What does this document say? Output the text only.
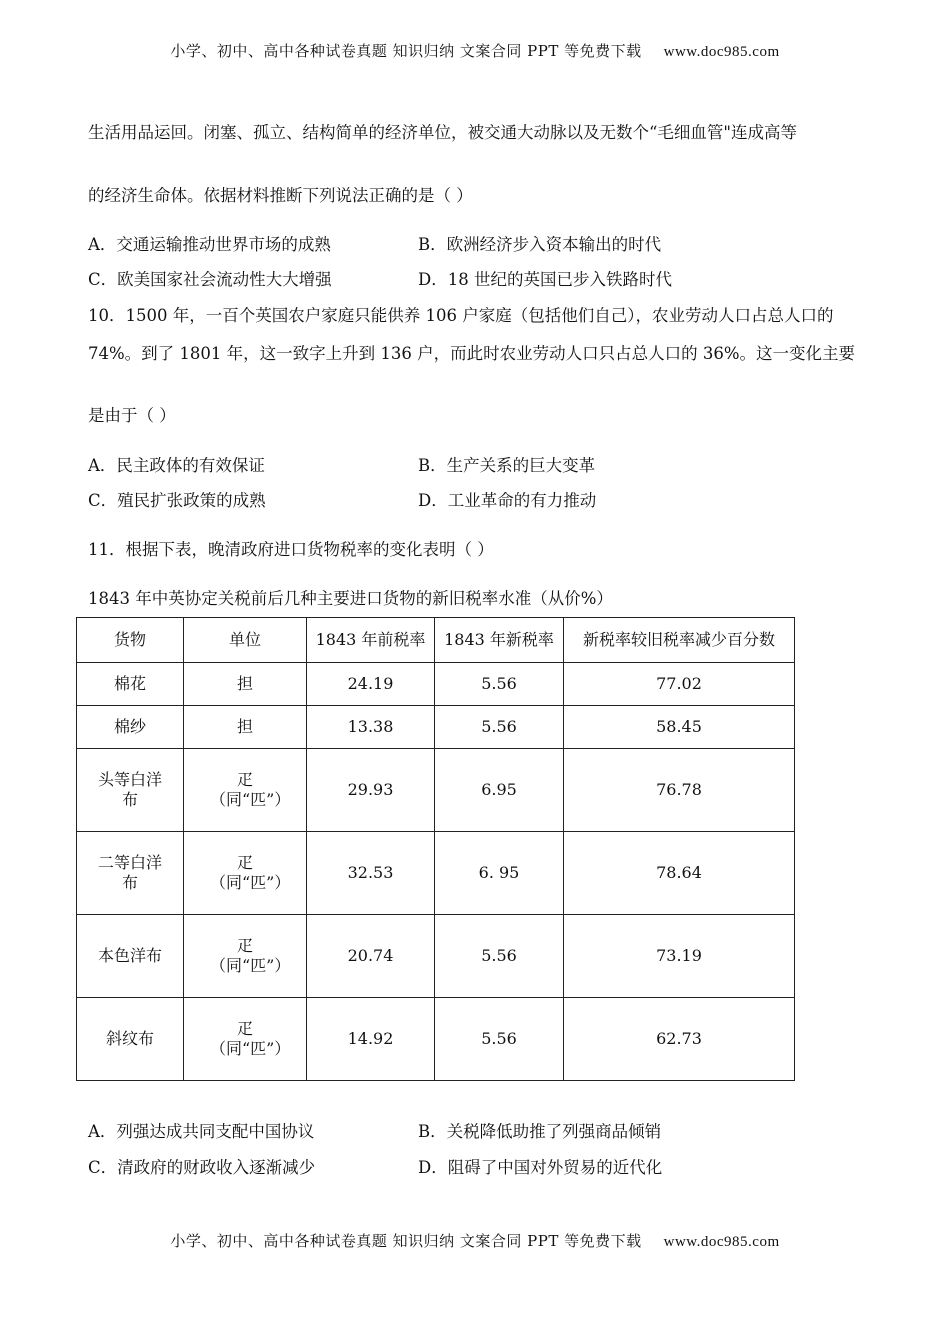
小学、初中、高中各种试卷真题 知识归纳 文案合同 PPT 等免费下载 www.doc985.com
生活用品运回。闭塞、孤立、结构简单的经济单位，被交通大动脉以及无数个“毛细血管"连成高等
的经济生命体。依据材料推断下列说法正确的是（ ）
A．交通运输推动世界市场的成熟	B．欧洲经济步入资本输出的时代
C．欧美国家社会流动性大大增强	D．18 世纪的英国已步入铁路时代
10．1500 年，一百个英国农户家庭只能供养 106 户家庭（包括他们自己），农业劳动人口占总人口的
74%。到了 1801 年，这一致字上升到 136 户，而此时农业劳动人口只占总人口的 36%。这一变化主要
是由于（ ）
A．民主政体的有效保证	B．生产关系的巨大变革
C．殖民扩张政策的成熟	D．工业革命的有力推动
11．根据下表，晚清政府进口货物税率的变化表明（ ）
1843 年中英协定关税前后几种主要进口货物的新旧税率水准（从价%）
货物	单位	1843 年前税率	1843 年新税率	新税率较旧税率减少百分数
棉花	担	24.19	5.56	77.02
棉纱	担	13.38	5.56	58.45
头等白洋布	疋（同“匹”）	29.93	6.95	76.78
二等白洋布	疋（同“匹”）	32.53	6. 95	78.64
本色洋布	疋（同“匹”）	20.74	5.56	73.19
斜纹布	疋（同“匹”）	14.92	5.56	62.73
A．列强达成共同支配中国协议	B．关税降低助推了列强商品倾销
C．清政府的财政收入逐渐减少	D．阻碍了中国对外贸易的近代化
小学、初中、高中各种试卷真题 知识归纳 文案合同 PPT 等免费下载 www.doc985.com
